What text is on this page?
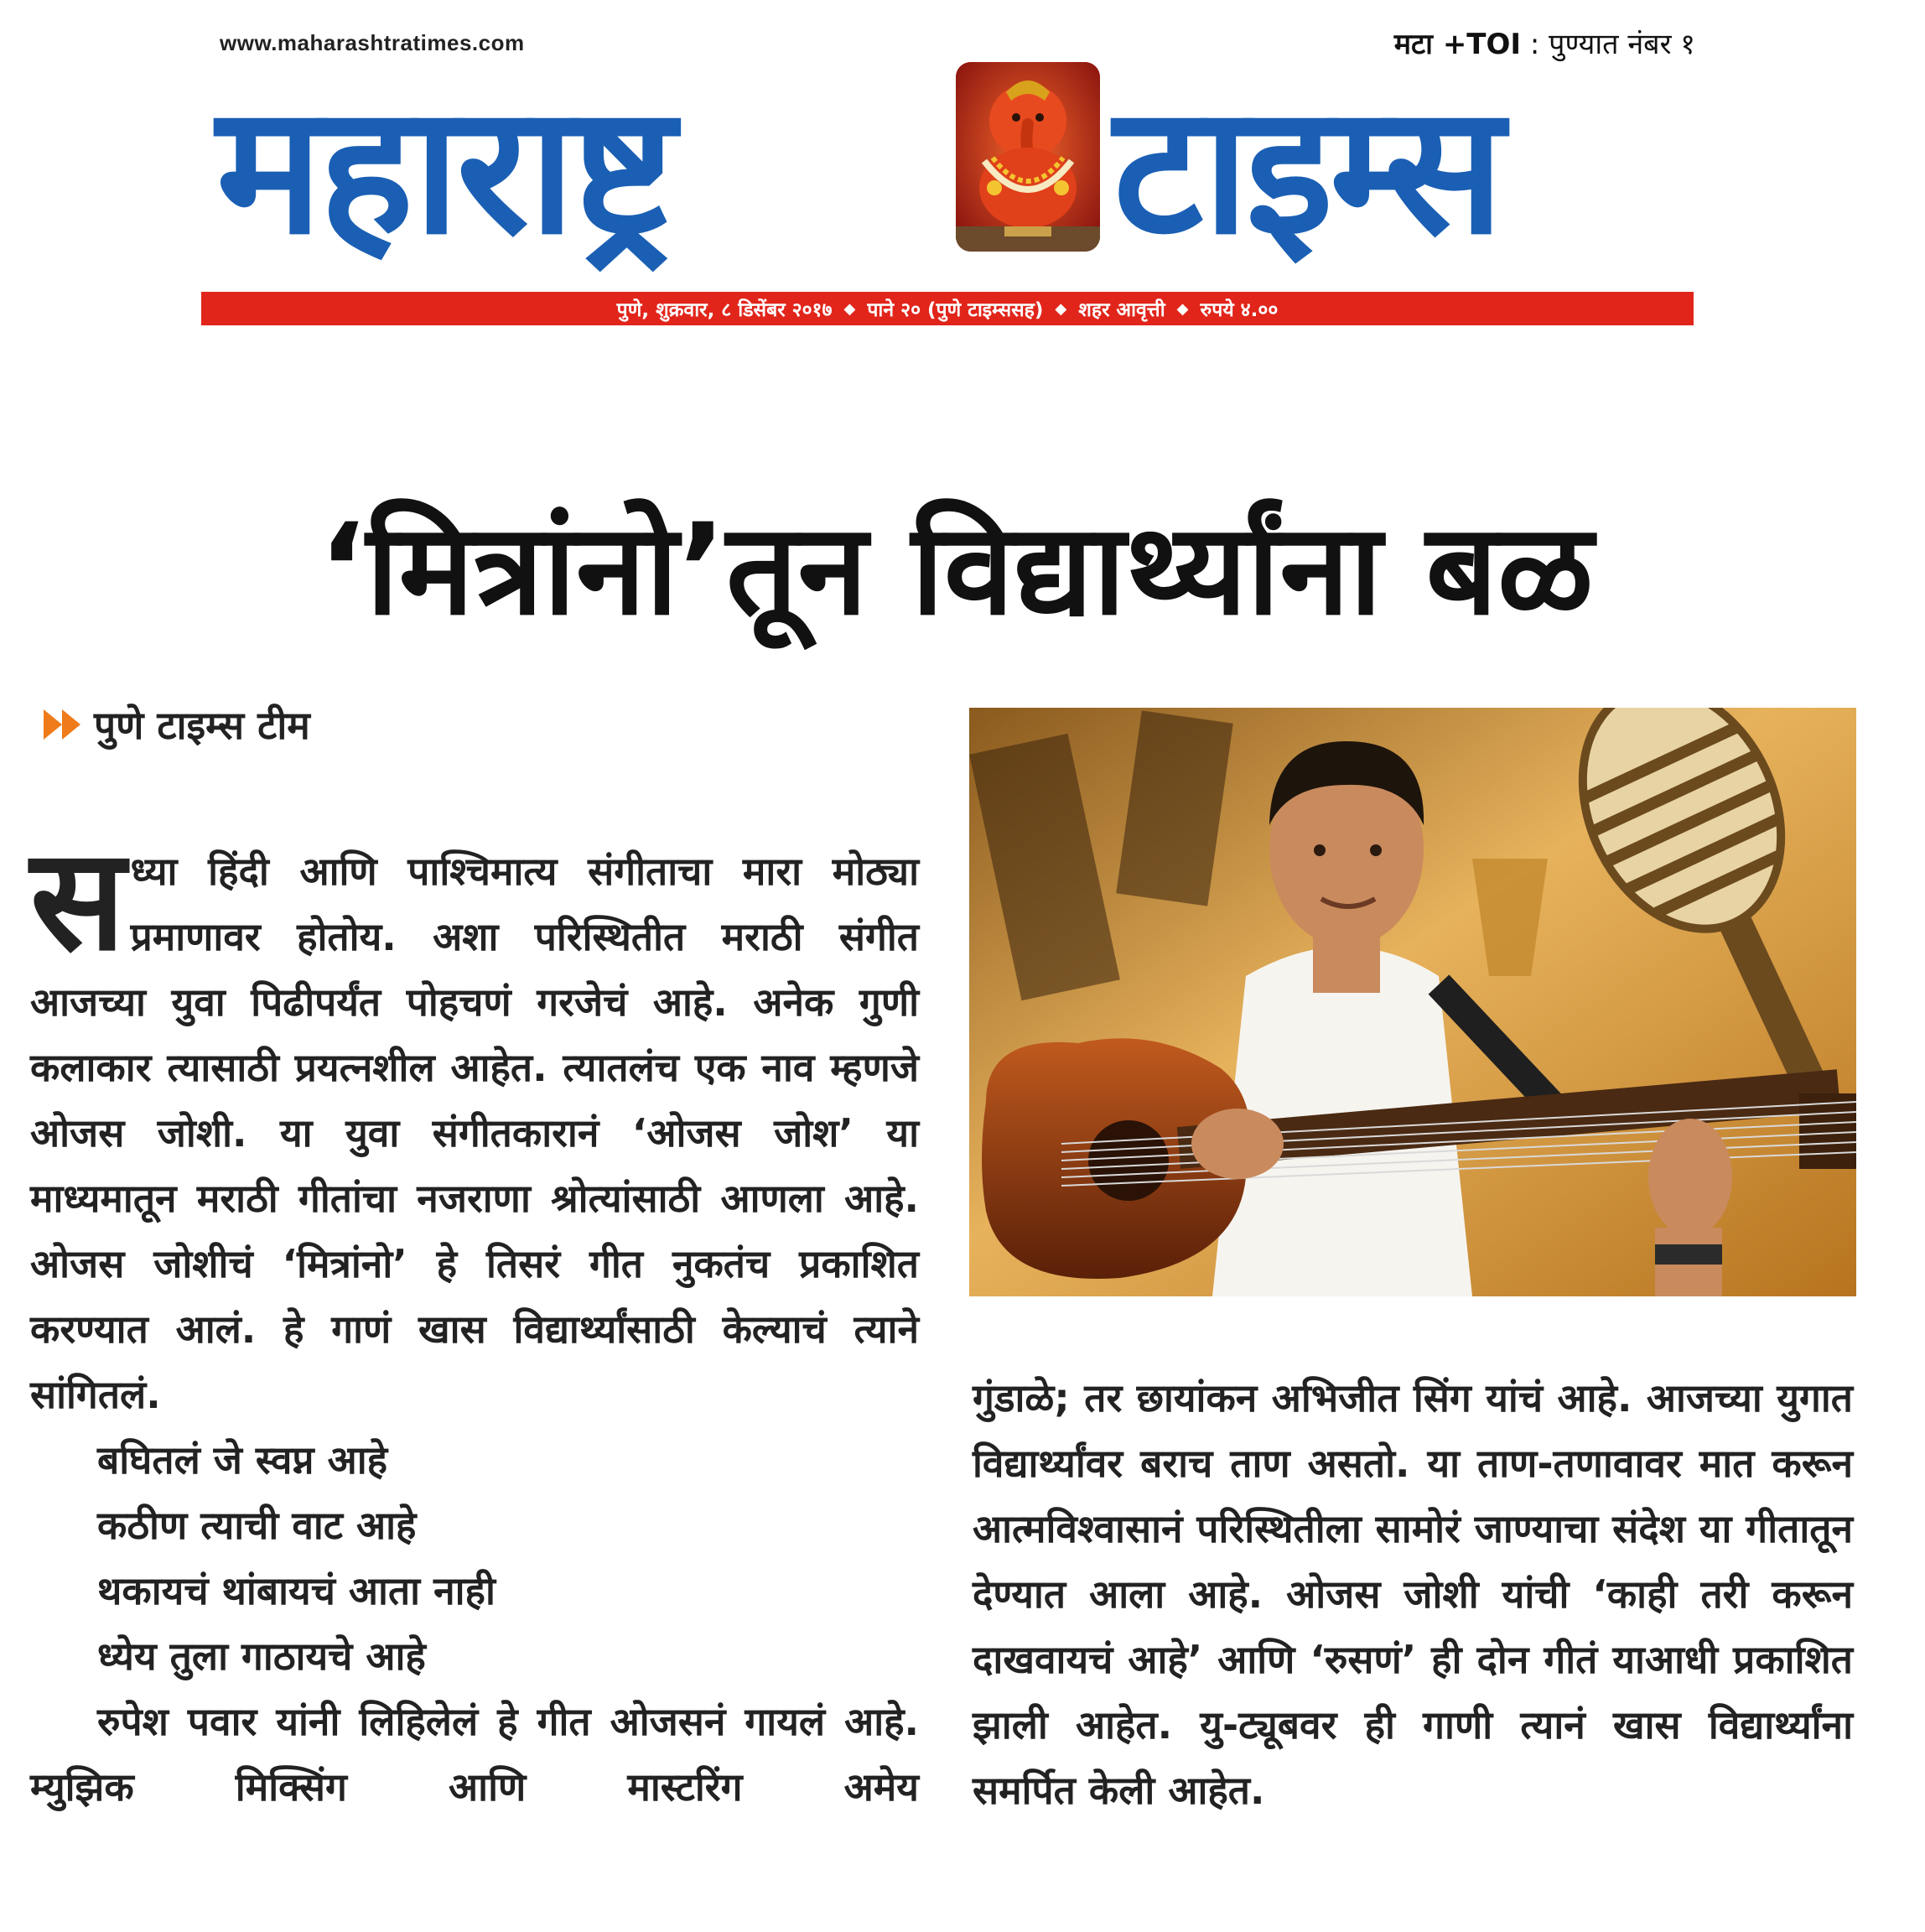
www.maharashtratimes.com	मटा +TOI : पुण्यात नंबर १
महाराष्ट्र टाइम्स
पुणे, शुक्रवार, ८ डिसेंबर २०१७ ◆ पाने २० (पुणे टाइम्ससह) ◆ शहर आवृत्ती ◆ रुपये ४.००
‘मित्रांनो’तून विद्यार्थ्यांना बळ
पुणे टाइम्स टीम

सध्या हिंदी आणि पाश्चिमात्य संगीताचा मारा मोठ्या प्रमाणावर होतोय. अशा परिस्थितीत मराठी संगीत आजच्या युवा पिढीपर्यंत पोहचणं गरजेचं आहे. अनेक गुणी कलाकार त्यासाठी प्रयत्नशील आहेत. त्यातलंच एक नाव म्हणजे ओजस जोशी. या युवा संगीतकारानं ‘ओजस जोश’ या माध्यमातून मराठी गीतांचा नजराणा श्रोत्यांसाठी आणला आहे. ओजस जोशीचं ‘मित्रांनो’ हे तिसरं गीत नुकतंच प्रकाशित करण्यात आलं. हे गाणं खास विद्यार्थ्यांसाठी केल्याचं त्याने सांगितलं.

बघितलं जे स्वप्न आहे

कठीण त्याची वाट आहे

थकायचं थांबायचं आता नाही

ध्येय तुला गाठायचे आहे

रुपेश पवार यांनी लिहिलेलं हे गीत ओजसनं गायलं आहे. म्युझिक मिक्सिंग आणि मास्टरिंग अमेय

गुंडाळे; तर छायांकन अभिजीत सिंग यांचं आहे. आजच्या युगात विद्यार्थ्यांवर बराच ताण असतो. या ताण-तणावावर मात करून आत्मविश्वासानं परिस्थितीला सामोरं जाण्याचा संदेश या गीतातून देण्यात आला आहे. ओजस जोशी यांची ‘काही तरी करून दाखवायचं आहे’ आणि ‘रुसणं’ ही दोन गीतं याआधी प्रकाशित झाली आहेत. यु-ट्यूबवर ही गाणी त्यानं खास विद्यार्थ्यांना समर्पित केली आहेत.
